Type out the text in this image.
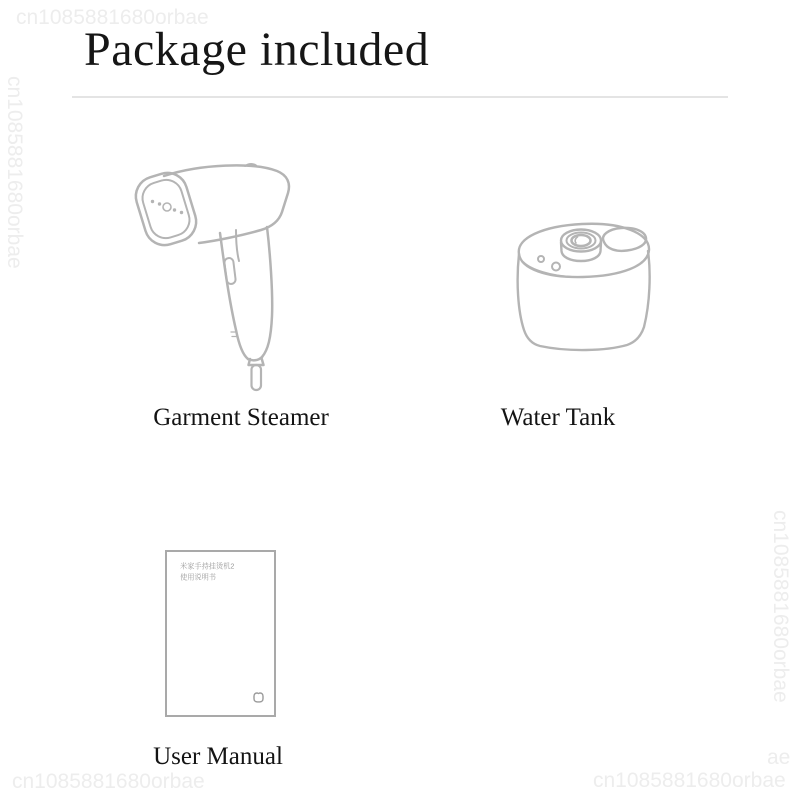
cn1085881680orbae
cn1085881680orbae
cn1085881680orbae
cn1085881680orbae	cn1085881680orbae
ae
Package included
米家手持挂烫机2
使用说明书
Garment Steamer	Water Tank
User Manual
